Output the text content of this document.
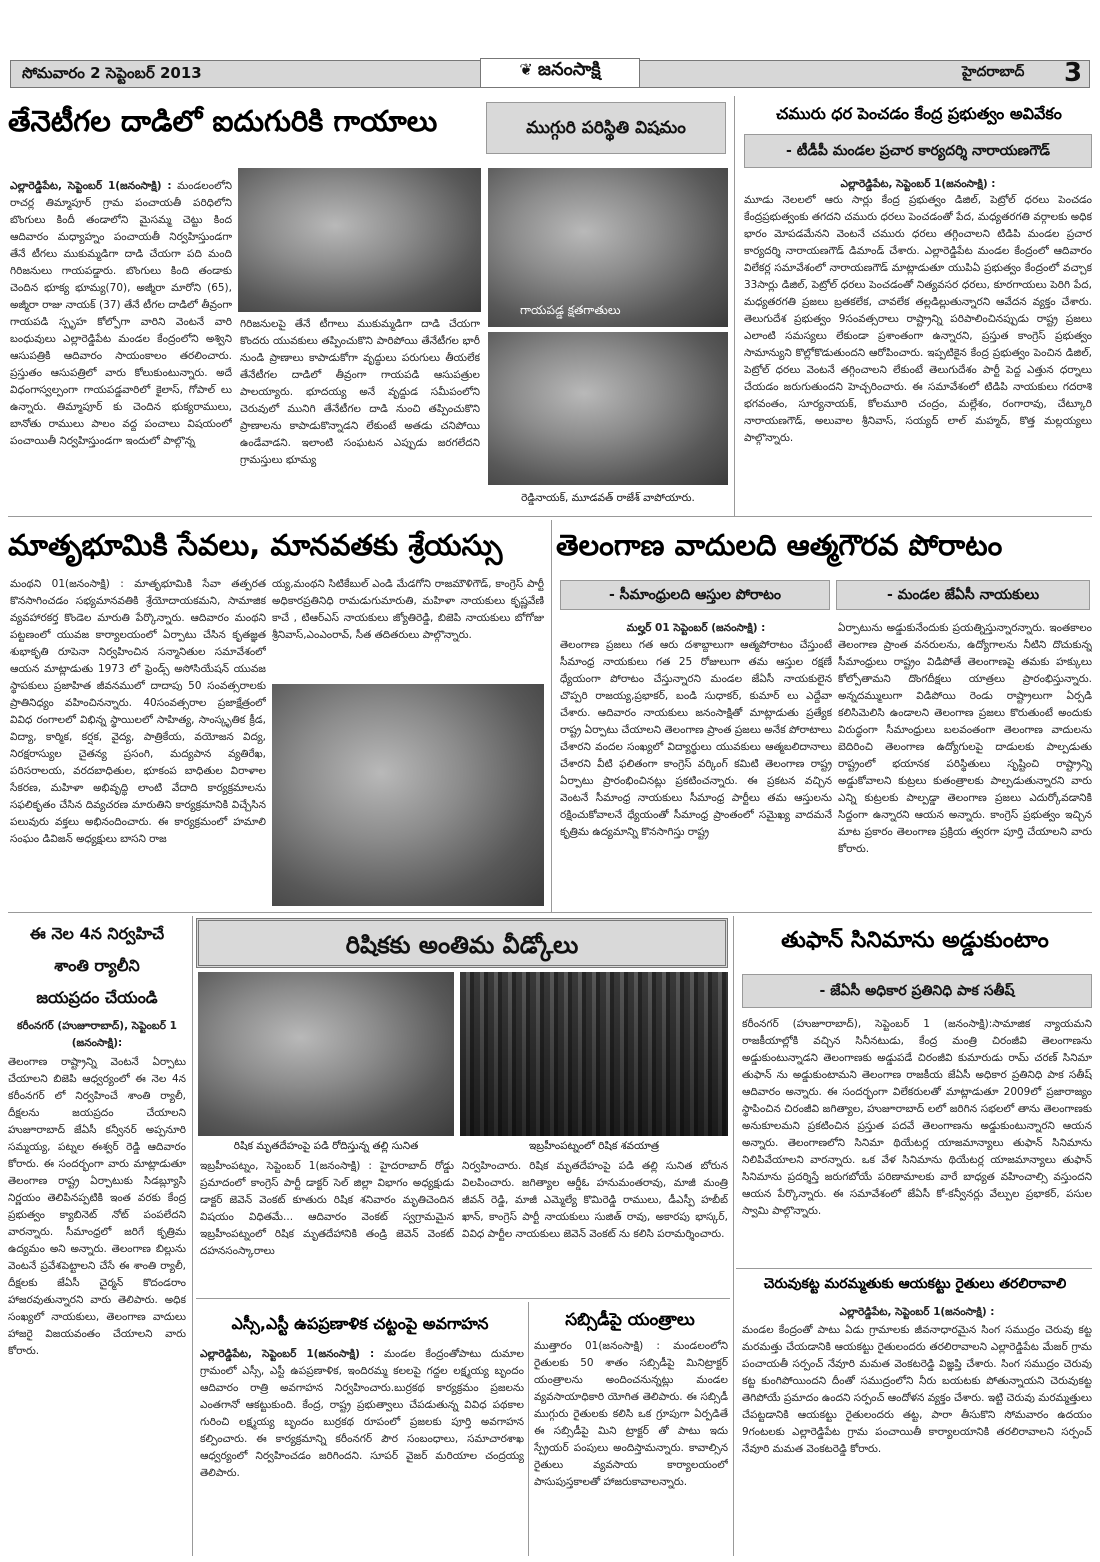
సోమవారం 2 సెప్టెంబర్ 2013	❦ జనంసాక్షి	హైదరాబాద్ 3
తేనెటీగల దాడిలో ఐదుగురికి గాయాలు	ముగ్గురి పరిస్థితి విషమం
గాయపడ్డ క్షతగాతులు
ఎల్లారెడ్డిపేట, సెప్టెంబర్ 1(జనంసాక్షి) : మండలంలోని రాచర్ల తిమ్మాపూర్ గ్రామ పంచాయతీ పరిధిలోని బొంగులు కిందీ తండాలోని మైసమ్మ చెట్టు కింద ఆదివారం మధ్యాహ్నం పంచాయతీ నిర్వహిస్తుండగా తేనే టీగలు ముకుమ్మడిగా దాడి చేయగా పది మంది గిరిజనులు గాయపడ్డారు. బొంగులు కింది తండాకు చెందిన భూక్య భూమ్య(70), అజ్మీరా మారోని (65), అజ్మీరా రాజు నాయక్ (37) తేనే టీగల దాడిలో తీవ్రంగా గాయపడి స్పృహ కోల్పోగా వారిని వెంటనే వారి బంధువులు ఎల్లారెడ్డిపేట మండల కేంద్రంలోని అశ్విని ఆసుపత్రికి ఆదివారం సాయంకాలం తరలించారు. ప్రస్తుతం ఆసుపత్రిలో వారు కోలుకుంటున్నారు. అదే విధంగాస్వల్పంగా గాయపడ్డవారిలో కైలాస్, గోపాల్ లు ఉన్నారు. తిమ్మాపూర్ కు చెందిన భుక్యరాములు, బానోతు రాములు పాలం వద్ద పంచాలు విషయంలో పంచాయితీ నిర్వహిస్తుండగా ఇందులో పాల్గొన్న
గిరిజనులపై తేనే టీగాలు ముకుమ్మడిగా దాడి చేయగా కొందరు యువకులు తప్పించుకొని పారిపోయి తేనేటీగల భారీ నుండి ప్రాణాలు కాపాడుకోగా వృద్ధులు పరుగులు తీయలేక తేనేటీగల దాడిలో తీవ్రంగా గాయపడి ఆసుపత్రుల పాలయ్యారు. భూదయ్య అనే వృద్దుడ సమీపంలోని చెరువులో మునిగి తేనేటీగల దాడి నుంచి తప్పించుకొని ప్రాణాలను కాపాడుకొన్నాడని లేకుంటే అతడు చనిపోయి ఉండేవాడని. ఇలాంటి సంఘటన ఎప్పుడు జరగలేదని గ్రామస్తులు భూమ్య
రెడ్డినాయక్, మూడవత్ రాజేశ్ వాపోయారు.
చమురు ధర పెంచడం కేంద్ర ప్రభుత్వం అవివేకం
- టీడీపీ మండల ప్రచార కార్యదర్శి నారాయణగౌడ్
ఎల్లారెడ్డిపేట, సెప్టెంబర్ 1(జనంసాక్షి) :
మూడు నెలలలో ఆరు సార్లు కేంద్ర ప్రభుత్వం డిజిల్, పెట్రోల్ ధరలు పెంచడం కేంద్రప్రభుత్వంకు తగదని చమురు ధరలు పెంచడంతో పేద, మధ్యతరగతి వర్గాలకు అధిక భారం మోపడమేనని వెంటనే చమురు ధరలు తగ్గించాలని టిడిపి మండల ప్రచార కార్యదర్శి నారాయణగౌడ్ డిమాండ్ చేశారు. ఎల్లారెడ్డిపేట మండల కేంద్రంలో ఆదివారం విలేకర్ల సమావేశంలో నారాయణగౌడ్ మాట్లాడుతూ యుపిఏ ప్రభుత్వం కేంద్రంలో వచ్చాక 33సార్లు డిజిల్, పెట్రోల్ ధరలు పెంచడంతో నిత్యవసర ధరలు, కూరగాయలు పెరిగి పేద, మధ్యతరగతి ప్రజలు బ్రతకలేక, చావలేక తల్లడిల్లుతున్నారని ఆవేదన వ్యక్తం చేశారు. తెలుగుదేశ ప్రభుత్వం 9సంవత్సరాలు రాష్ట్రాన్ని పరిపాలించినప్పుడు రాష్ట్ర ప్రజలు ఎలాంటి సమస్యలు లేకుండా ప్రశాంతంగా ఉన్నారని, ప్రస్తుత కాంగ్రెస్ ప్రభుత్వం సామాన్యుని కొల్లోకొడుతుందని ఆరోపించారు. ఇప్పటికైన కేంద్ర ప్రభుత్వం పెంచిన డిజిల్, పెట్రోల్ ధరలు వెంటనే తగ్గించాలని లేకుంటే తెలుగుదేశం పార్టీ పెద్ద ఎత్తున ధర్నాలు చేయడం జరుగుతుందని హెచ్చరించారు. ఈ సమావేశంలో టిడిపి నాయకులు గదరాశి భగవంతం, సూర్యనాయక్, కోలమూరి చంద్రం, మల్లేశం, రంగారావు, చేట్కూరి నారాయణగౌడ్, అలువాల శ్రీనివాస్, సయ్యద్ లాల్ మహ్మద్, కొత్త మల్లయ్యలు పాల్గొన్నారు.
మాతృభూమికి సేవలు, మానవతకు శ్రేయస్సు
మంథని 01(జనంసాక్షి) : మాతృభూమికి సేవా తత్పరత కొనసాగించడం సభ్యమానవతికి శ్రేయోదాయకమని, సామాజిక వ్యవహారకర్త కొండెల మారుతి పేర్కొన్నారు. ఆదివారం మంథని పట్టణంలో యువజ కార్యాలయంలో ఏర్పాటు చేసిన కృతజ్ఞత శుభాకృతి రూపెనా నిర్వహించిన సన్మానితుల సమావేశంలో ఆయన మాట్లాడుతు 1973 లో ఫ్రెండ్స్ అసోసియేషన్ యువజ స్థాపకులు ప్రజాహిత జీవనములో దాదాపు 50 సంవత్సరాలకు ప్రాతినిధ్యం వహించినన్నారు. 40సంవత్సరాల ప్రజాక్షేత్రంలో వివిధ రంగాలలో విభిన్న స్థాయిలలో సాహిత్య, సాంస్కృతిక క్రీడ, విద్యా, కార్మిక, కర్షక, వైద్య, పాత్రికేయ, వయోజన విద్య, నిరక్షరాస్యుల చైతన్య ప్రసంగి, మద్యపాన వ్యతిరేఖ, పరిసరాలయ, వరదబాధితుల, భూకంప బాధితుల విరాళాల సేకరణ, మహిళా అభివృద్ధి లాంటి వేదాది కార్యక్రమాలను సఫలికృతం చేసిన దివ్యచరణ మారుతిని కార్యక్రమానికి విచ్చేసిన పలువురు వక్తలు అభినందించారు. ఈ కార్యక్రమంలో హమాలి సంఘం డివిజన్ అధ్యక్షులు బాసని రాజ
య్య,మంథని సిటికేబుల్ ఎండి మేడగోని రాజమౌళిగౌడ్, కాంగ్రెస్ పార్టీ అధికారప్రతినిధి రామడుగుమారుతి, మహిళా నాయకులు కృష్ణవేణి కాచే , టిఆర్ఎస్ నాయకులు జ్యోతిరెడ్డి, బిజెపి నాయకులు బోగోజు శ్రీనివాస్,ఎంఎంరావ్, సీత తదితరులు పాల్గొన్నారు.
తెలంగాణ వాదులది ఆత్మగౌరవ పోరాటం
- సీమాంధ్రులది ఆస్తుల పోరాటం	- మండల జేఏసీ నాయకులు
మల్హర్ 01 సెప్టెంబర్ (జనంసాక్షి) :
తెలంగాణ ప్రజలు గత ఆరు దశాబ్దాలుగా ఆత్మపోరాటం చేస్తుంటే సీమాంధ్ర నాయకులు గత 25 రోజులుగా తమ ఆస్తుల రక్షణే ధ్యేయంగా పోరాటం చేస్తున్నారని మండల జేఏసీ నాయకులైన చొప్పరి రాజయ్య,ప్రభాకర్, బండి సుధాకర్, కుమార్ లు ఎద్దేవా చేశారు. ఆదివారం నాయకులు జనంసాక్షితో మాట్లాడుతు ప్రత్యేక రాష్ట్ర ఏర్పాటు చేయాలని తెలంగాణ ప్రాంత ప్రజలు అనేక పోరాటాలు చేశారని వందల సంఖ్యలో విద్యార్థులు యువకులు ఆత్మబలిదానాలు చేశారని వీటి ఫలితంగా కాంగ్రెస్ వర్కింగ్ కమిటి తెలంగాణ రాష్ట్ర ఏర్పాటు ప్రారంభించినట్లు ప్రకటించన్నారు. ఈ ప్రకటన వచ్చిన వెంటనే సీమాంధ్ర నాయకులు సీమాంధ్ర పార్టీలు తమ ఆస్తులను రక్షించుకోవాలనే ధ్యేయంతో సీమాంధ్ర ప్రాంతంలో సమైఖ్య వాదమనే కృత్రిమ ఉద్యమాన్ని కొనసాగిస్తు రాష్ట్ర
ఏర్పాటును అడ్డుకునేందుకు ప్రయత్నిస్తున్నారన్నారు. ఇంతకాలం తెలంగాణ ప్రాంత వనరులను, ఉద్యోగాలను నీటిని దొచుకున్న సీమాంధ్రులు రాష్ట్రం విడిపోతే తెలంగాణపై తమకు హక్కులు కోల్పోతామని దొంగదీక్షలు యాత్రలు ప్రారంభిస్తున్నారు. అన్నదమ్ములుగా విడిపోయి రెండు రాష్ట్రాలుగా ఏర్పడి కలిసిమెలిసి ఉండాలని తెలంగాణ ప్రజలు కొరుతుంటే అందుకు విరుద్ధంగా సీమాంధ్రులు బలవంతంగా తెలంగాణ వాదులను బెదిరించి తెలంగాణ ఉద్యోగులపై దాడులకు పాల్పడుతు రాష్ట్రంలో భయానక పరిస్థితులు సృష్టించి రాష్ట్రాన్ని అడ్డుకోవాలని కుట్రలు కుతంత్రాలకు పాల్పడుతున్నారని వారు ఎన్ని కుట్రలకు పాల్పడ్డా తెలంగాణ ప్రజలు ఎదుర్కోవడానికి సిద్దంగా ఉన్నారని ఆయన అన్నారు. కాంగ్రెస్ ప్రభుత్వం ఇచ్చిన మాట ప్రకారం తెలంగాణ ప్రక్రియ త్వరగా పూర్తి చేయాలని వారు కోరారు.
ఈ నెల 4న నిర్వహిచే
శాంతి ర్యాలీని
జయప్రదం చేయండి
కరీంనగర్ (హుజూరాబాద్), సెప్టెంబర్ 1 (జనంసాక్షి):
తెలంగాణ రాష్ట్రాన్ని వెంటనే ఏర్పాటు చేయాలని బిజెపి ఆధ్వర్యంలో ఈ నెల 4న కరీంనగర్ లో నిర్వహించే శాంతి ర్యాలీ, దీక్షలను జయప్రదం చేయాలని హుజూరాబాద్ జేఏసీ కన్వీనర్ అప్పనూరి సమ్మయ్య, పట్నల ఈశ్వర్ రెడ్డి ఆదివారం కోరారు. ఈ సందర్భంగా వారు మాట్లాడుతూ తెలంగాణ రాష్ట్ర ఏర్పాటుకు సిడబ్ల్యూసి నిర్ణయం తెలిపినప్పటికి ఇంత వరకు కేంద్ర ప్రభుత్వం క్యాబినెట్ నోట్ పంపలేదని వారన్నారు. సీమాంధ్రలో జరిగే కృత్రిమ ఉద్యమం అని అన్నారు. తెలంగాణ బిల్లును వెంటనే ప్రవేశపెట్టాలని చేసే ఈ శాంతి ర్యాలీ, దీక్షలకు జేఏసీ చైర్మన్ కొదండరాం హాజరవుతున్నారని వారు తెలిపారు. అధిక సంఖ్యలో నాయకులు, తెలంగాణ వాదులు హాజరై విజయవంతం చేయాలని వారు కోరారు.
రిషికకు అంతిమ వీడ్కోలు
రిషిక మృతదేహంపై పడి రోదిస్తున్న తల్లి సునిత	ఇబ్రహీంపట్నంలో రిషిక శవయాత్ర
ఇబ్రహీంపట్నం, సెప్టెంబర్ 1(జనంసాక్షి) : హైదరాబాద్ రోడ్డు ప్రమాదంలో కాంగ్రెస్ పార్టీ డాక్టర్ సెల్ జిల్లా విభాగం అధ్యక్షుడు డాక్టర్ జెవెన్ వెంకట్ కూతురు రిషిక శనివారం మృతిచెందిన విషయం విధితమే... ఆదివారం వెంకట్ స్వగ్రామమైన ఇబ్రహీంపట్నంలో రిషిక మృతదేహానికి తండ్రి జెవెన్ వెంకట్ దహనసంస్కారాలు
నిర్వహించారు. రిషిక మృతదేహంపై పడి తల్లి సునిత బోరున విలపించారు. జగిత్యాల ఆర్డీఓ హనుమంతరావు, మాజీ మంత్రి జీవన్ రెడ్డి, మాజీ ఎమ్మెల్యే కొమిరెడ్డి రాములు, డీఎస్పీ హబీబ్ ఖాన్, కాంగ్రెస్ పార్టీ నాయకులు సుజిత్ రావు, అకారపు భాస్కర్, వివిధ పార్టీల నాయకులు జెవెన్ వెంకట్ ను కలిసి పరామర్శించారు.
తుఫాన్ సినిమాను అడ్డుకుంటాం
- జేఏసీ అధికార ప్రతినిధి పాక సతీష్
కరీంనగర్ (హుజూరాబాద్), సెప్టెంబర్ 1 (జనంసాక్షి):సామాజిక న్యాయమని రాజకీయాల్లోకి వచ్చిన సినీనటుడు, కేంద్ర మంత్రి చిరంజీవి తెలంగాణను అడ్డుకుంటున్నాడని తెలంగాణకు అడ్డుపడే చిరంజీవి కుమారుడు రామ్ చరణ్ సినిమా తుఫాన్ ను అడ్డుకుంటామని తెలంగాణ రాజకీయ జేఏసీ అధికార ప్రతినిధి పాక సతీష్ ఆదివారం అన్నారు. ఈ సందర్భంగా విలేకరులతో మాట్లాడుతూ 2009లో ప్రజారాజ్యం స్థాపించిన చిరంజీవి జగిత్యాల, హుజూరాబాద్ లలో జరిగిన సభలలో తాను తెలంగాణకు అనుకూలమని ప్రకటించిన ప్రస్తుత పదవే తెలంగాణను అడ్డుకుంటున్నారని ఆయన అన్నారు. తెలంగాణలోని సినిమా థియేటర్ల యాజమాన్యాలు తుఫాన్ సినిమాను నిలిపివేయాలని వారన్నారు. ఒక వేళ సినిమాను థియేటర్ల యాజమాన్యాలు తుఫాన్ సినిమాను ప్రదర్శిస్తే జరుగబోయే పరిణామాలకు వారే బాధ్యత వహించాల్సి వస్తుందని ఆయన పేర్కొన్నారు. ఈ సమావేశంలో జేఏసీ కో-కన్వీనర్లు వేల్పుల ప్రభాకర్, పసుల స్వామి పాల్గొన్నారు.
చెరువుకట్ట మరమ్మతుకు ఆయకట్టు రైతులు తరలిరావాలి
ఎల్లారెడ్డిపేట, సెప్టెంబర్ 1(జనంసాక్షి) :
మండల కేంద్రంతో పాటు ఏడు గ్రామాలకు జీవనాధారమైన సింగ సముద్రం చెరువు కట్ట మరమత్తు చేయడానికి ఆయకట్టు రైతులందరు తరలిరావాలని ఎల్లారెడ్డిపేట మేజర్ గ్రామ పంచాయతీ సర్పంచ్ నేవూరి మమత వెంకటరెడ్డి విజ్ఞప్తి చేశారు. సింగ సముద్రం చెరువు కట్ట కుంగిపోయిందని దీంతో సముద్రంలోని నీరు బయటకు పోతున్నాయని చెరువుకట్ట తెగిపోయే ప్రమాదం ఉందని సర్పంచ్ ఆందోళన వ్యక్తం చేశారు. ఇట్టి చెరువు మరమ్మత్తులు చేపట్టడానికి ఆయకట్టు రైతులందరు తట్ట, పారా తీసుకొని సోమవారం ఉదయం 9గంటలకు ఎల్లారెడ్డిపేట గ్రామ పంచాయితీ కార్యాలయానికి తరలిరావాలని సర్పంచ్ నేవూరి మమత వెంకటరెడ్డి కోరారు.
ఎస్సీ,ఎస్టీ ఉపప్రణాళిక చట్టంపై అవగాహన
ఎల్లారెడ్డిపేట, సెప్టెంబర్ 1(జనంసాక్షి) : మండల కేంద్రంతోపాటు దుమాల గ్రామంలో ఎస్సీ, ఎస్టీ ఉపప్రణాళిక, ఇందిరమ్మ కలలపై గద్దల లక్ష్మయ్య బృందం ఆదివారం రాత్రి అవగాహన నిర్వహించారు.బుర్రకథ కార్యక్రమం ప్రజలను ఎంతగానో ఆకట్టుకుంది. కేంద్ర, రాష్ట్ర ప్రభుత్వాలు చేపడుతున్న వివిధ పథకాల గురించి లక్ష్మయ్య బృందం బుర్రకథ రూపంలో ప్రజలకు పూర్తి అవగాహన కల్పించారు. ఈ కార్యక్రమాన్ని కరీంనగర్ పౌర సంబంధాలు, సమాచారశాఖ ఆధ్వర్యంలో నిర్వహించడం జరిగిందని. సూపర్ వైజర్ మరియాల చంద్రయ్య తెలిపారు.
సబ్సిడీపై యంత్రాలు
ముత్తారం 01(జనంసాక్షి) : మండలంలోని రైతులకు 50 శాతం సబ్సిడీపై మినిట్రాక్టర్ యంత్రాలను అందించనున్నట్లు మండల వ్యవసాయాధికారి యోగిత తెలిపారు. ఈ సబ్సిడీ ముగ్గురు రైతులకు కలిసి ఒక గ్రూపుగా ఏర్పడితే ఈ సబ్సిడీపై మిని ట్రాక్టర్ తో పాటు ఇదు స్ప్రేయర్ పంపులు అందిస్తామన్నారు. కావాల్సిన రైతులు వ్యవసాయ కార్యాలయంలో పాసుపుస్తకాలతో హాజరుకావాలన్నారు.
